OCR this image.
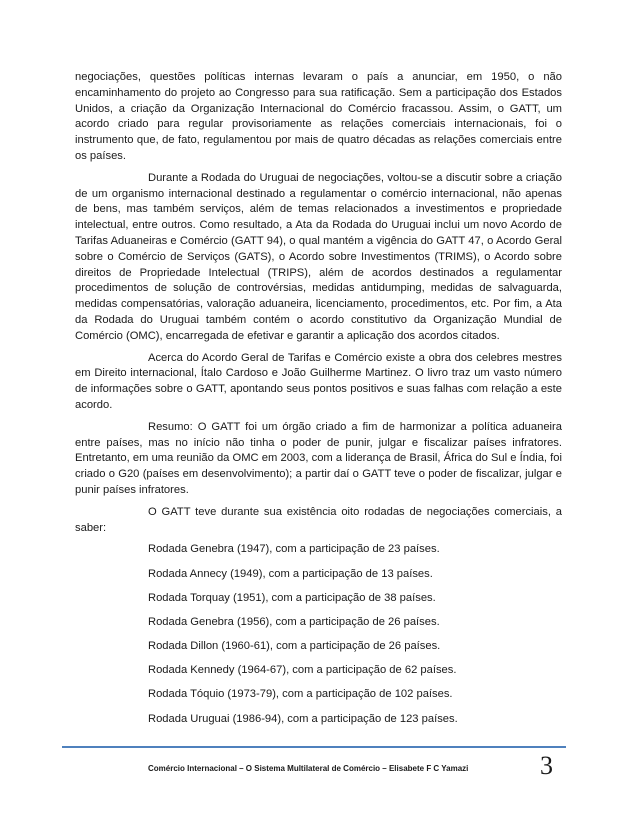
negociações, questões políticas internas levaram o país a anunciar, em 1950, o não encaminhamento do projeto ao Congresso para sua ratificação. Sem a participação dos Estados Unidos, a criação da Organização Internacional do Comércio fracassou. Assim, o GATT, um acordo criado para regular provisoriamente as relações comerciais internacionais, foi o instrumento que, de fato, regulamentou por mais de quatro décadas as relações comerciais entre os países.

Durante a Rodada do Uruguai de negociações, voltou-se a discutir sobre a criação de um organismo internacional destinado a regulamentar o comércio internacional, não apenas de bens, mas também serviços, além de temas relacionados a investimentos e propriedade intelectual, entre outros. Como resultado, a Ata da Rodada do Uruguai inclui um novo Acordo de Tarifas Aduaneiras e Comércio (GATT 94), o qual mantém a vigência do GATT 47, o Acordo Geral sobre o Comércio de Serviços (GATS), o Acordo sobre Investimentos (TRIMS), o Acordo sobre direitos de Propriedade Intelectual (TRIPS), além de acordos destinados a regulamentar procedimentos de solução de controvérsias, medidas antidumping, medidas de salvaguarda, medidas compensatórias, valoração aduaneira, licenciamento, procedimentos, etc. Por fim, a Ata da Rodada do Uruguai também contém o acordo constitutivo da Organização Mundial de Comércio (OMC), encarregada de efetivar e garantir a aplicação dos acordos citados.

Acerca do Acordo Geral de Tarifas e Comércio existe a obra dos celebres mestres em Direito internacional, Ítalo Cardoso e João Guilherme Martinez. O livro traz um vasto número de informações sobre o GATT, apontando seus pontos positivos e suas falhas com relação a este acordo.

Resumo: O GATT foi um órgão criado a fim de harmonizar a política aduaneira entre países, mas no início não tinha o poder de punir, julgar e fiscalizar países infratores. Entretanto, em uma reunião da OMC em 2003, com a liderança de Brasil, África do Sul e Índia, foi criado o G20 (países em desenvolvimento); a partir daí o GATT teve o poder de fiscalizar, julgar e punir países infratores.

O GATT teve durante sua existência oito rodadas de negociações comerciais, a saber:

Rodada Genebra (1947), com a participação de 23 países.
Rodada Annecy (1949), com a participação de 13 países.
Rodada Torquay (1951), com a participação de 38 países.
Rodada Genebra (1956), com a participação de 26 países.
Rodada Dillon (1960-61), com a participação de 26 países.
Rodada Kennedy (1964-67), com a participação de 62 países.
Rodada Tóquio (1973-79), com a participação de 102 países.
Rodada Uruguai (1986-94), com a participação de 123 países.
Comércio Internacional – O Sistema Multilateral de Comércio – Elisabete F C Yamazi	3
